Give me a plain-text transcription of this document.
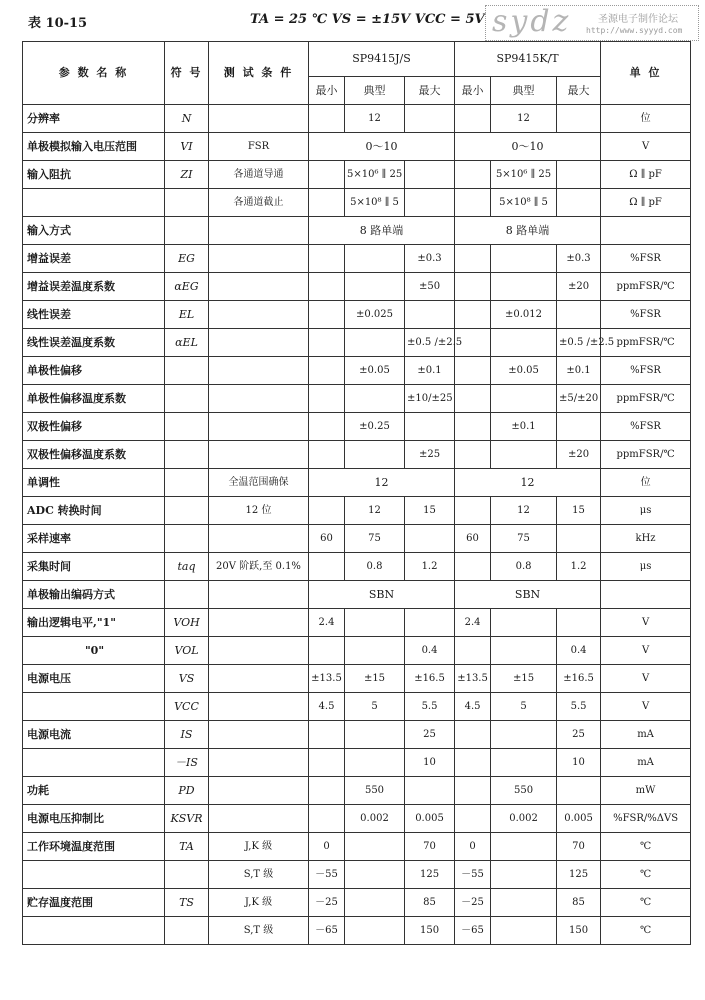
表 10-15	TA = 25 ℃ VS = ±15V VCC = 5V sydz	圣源电子制作论坛
http://www.syyyd.com
参 数 名 称	符 号	测 试 条 件	SP9415J/S			SP9415K/T			单 位
			最小	典型	最大	最小	典型	最大	
分辨率	N			12			12		位
单极模拟输入电压范围	VI	FSR	0～10			0～10			V
输入阻抗	ZI	各通道导通		5×10⁶ ∥ 25			5×10⁶ ∥ 25		Ω ∥ pF
		各通道截止		5×10⁸ ∥ 5			5×10⁸ ∥ 5		Ω ∥ pF
输入方式			8 路单端			8 路单端			
增益误差	EG				±0.3			±0.3	%FSR
增益误差温度系数	αEG				±50			±20	ppmFSR/℃
线性误差	EL			±0.025			±0.012		%FSR
线性误差温度系数	αEL				±0.5 /±2.5			±0.5 /±2.5	ppmFSR/℃
单极性偏移				±0.05	±0.1		±0.05	±0.1	%FSR
单极性偏移温度系数					±10/±25			±5/±20	ppmFSR/℃
双极性偏移				±0.25			±0.1		%FSR
双极性偏移温度系数					±25			±20	ppmFSR/℃
单调性		全温范围确保	12			12			位
ADC 转换时间		12 位		12	15		12	15	μs
采样速率			60	75		60	75		kHz
采集时间	taq	20V 阶跃,至 0.1%		0.8	1.2		0.8	1.2	μs
单极输出编码方式			SBN			SBN			
输出逻辑电平,"1"	VOH		2.4			2.4			V
"0"	VOL				0.4			0.4	V
电源电压	VS		±13.5	±15	±16.5	±13.5	±15	±16.5	V
	VCC		4.5	5	5.5	4.5	5	5.5	V
电源电流	IS				25			25	mA
	－IS				10			10	mA
功耗	PD			550			550		mW
电源电压抑制比	KSVR			0.002	0.005		0.002	0.005	%FSR/%ΔVS
工作环境温度范围	TA	J,K 级	0		70	0		70	℃
		S,T 级	－55		125	－55		125	℃
贮存温度范围	TS	J,K 级	－25		85	－25		85	℃
		S,T 级	－65		150	－65		150	℃
